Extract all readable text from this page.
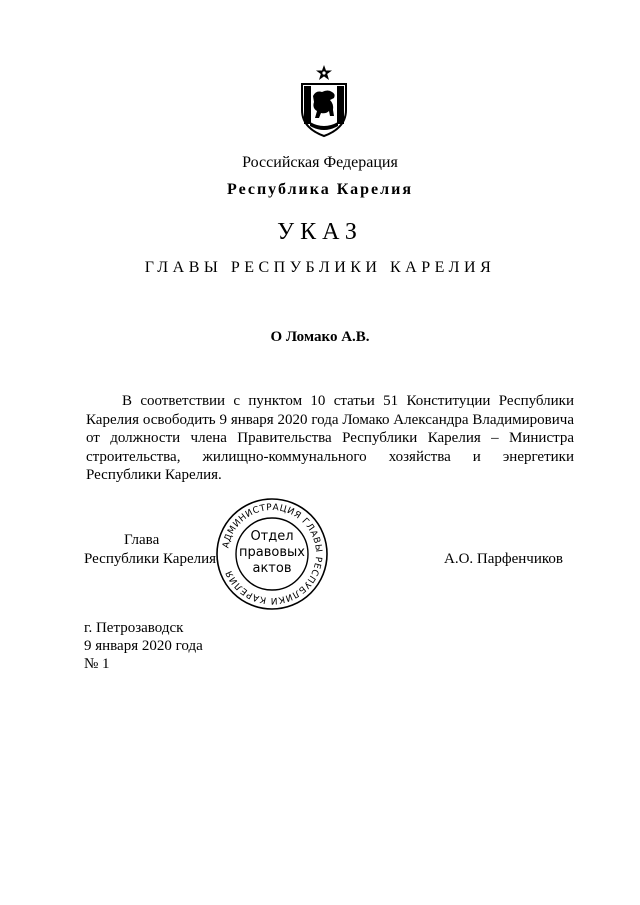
Российская Федерация
Республика Карелия
УКАЗ
ГЛАВЫ РЕСПУБЛИКИ КАРЕЛИЯ
О Ломако А.В.
В соответствии с пунктом 10 статьи 51 Конституции Республики Карелия освободить 9 января 2020 года Ломако Александра Владимировича от должности члена Правительства Республики Карелия – Министра строительства, жилищно-коммунального хозяйства и энергетики Республики Карелия.
Глава
Республики Карелия	А.О. Парфенчиков
АДМИНИСТРАЦИЯ ГЛАВЫ РЕСПУБЛИКИ КАРЕЛИЯ
Отдел
правовых
актов
г. Петрозаводск
9 января 2020 года
№ 1
